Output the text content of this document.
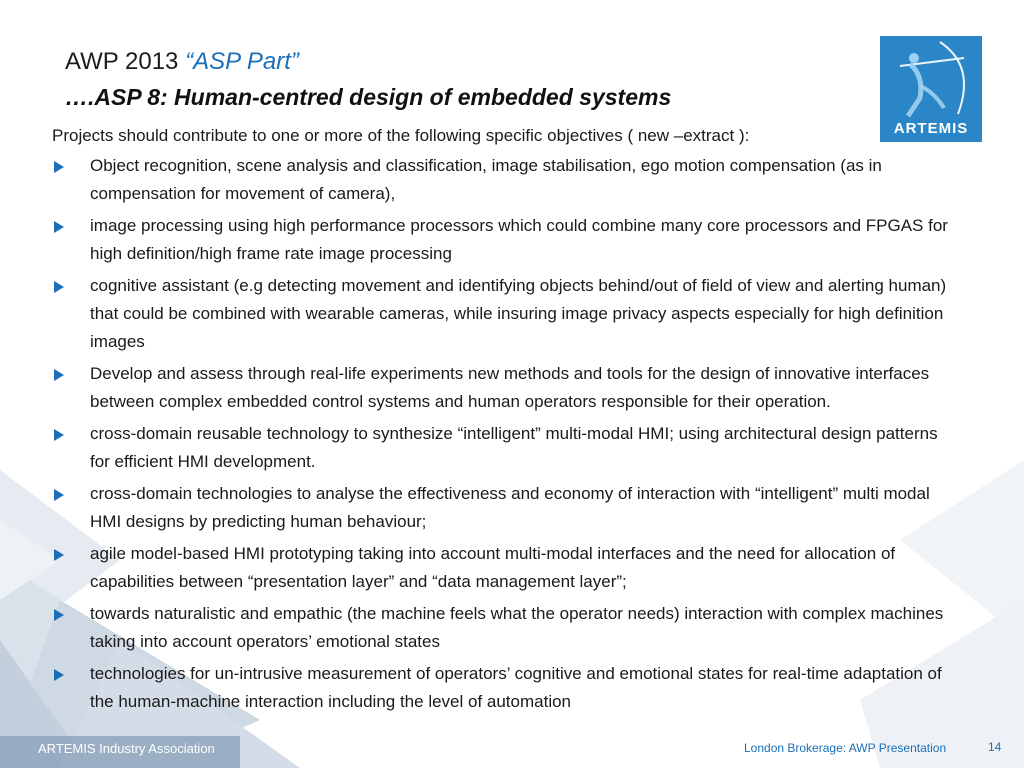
AWP 2013 “ASP Part”
….ASP 8: Human-centred design of embedded systems
ARTEMIS

Projects should contribute to one or more of the following specific objectives ( new –extract ):

Object recognition, scene analysis and classification, image stabilisation, ego motion compensation (as in compensation for movement of camera),
image processing using high performance processors which could combine many core processors and FPGAS for high definition/high frame rate image processing
cognitive assistant (e.g detecting movement and identifying objects behind/out of field of view and alerting human) that could be combined with wearable cameras, while insuring image privacy aspects especially for high definition images
Develop and assess through real-life experiments new methods and tools for the design of innovative interfaces between complex embedded control systems and human operators responsible for their operation.
cross-domain reusable technology to synthesize “intelligent” multi-modal HMI; using architectural design patterns for efficient HMI development.
cross-domain technologies to analyse the effectiveness and economy of interaction with “intelligent” multi modal HMI designs by predicting human behaviour;
agile model-based HMI prototyping taking into account multi-modal interfaces and the need for allocation of capabilities between “presentation layer” and “data management layer”;
towards naturalistic and empathic (the machine feels what the operator needs) interaction with complex machines taking into account operators’ emotional states
technologies for un-intrusive measurement of operators’ cognitive and emotional states for real-time adaptation of the human-machine interaction including the level of automation
ARTEMIS Industry Association	London Brokerage: AWP Presentation	14
